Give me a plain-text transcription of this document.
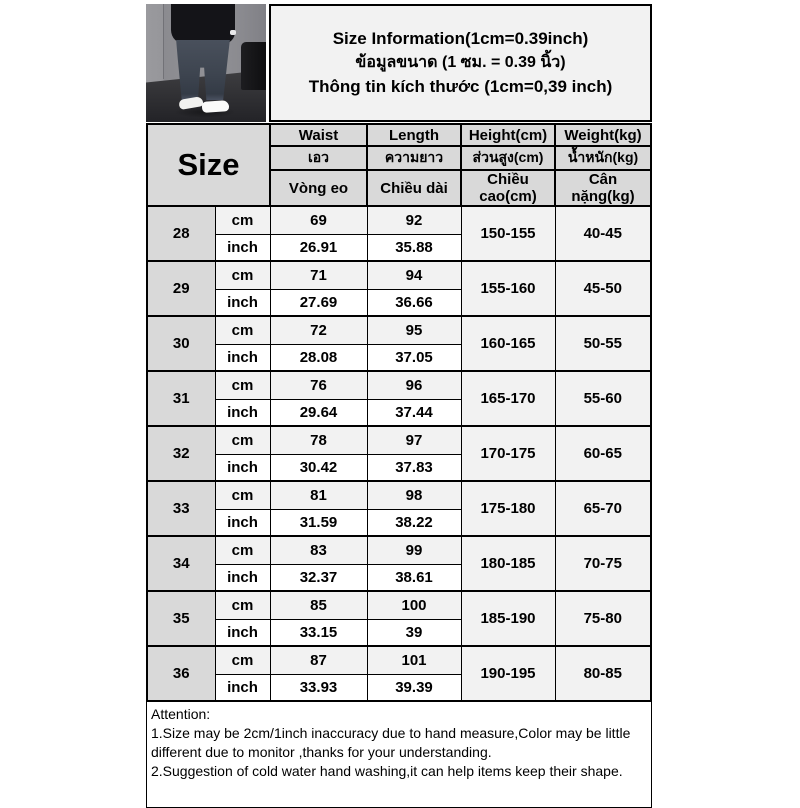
Size Information(1cm=0.39inch)
ข้อมูลขนาด (1 ซม. = 0.39 นิ้ว)
Thông tin kích thước (1cm=0,39 inch)
Size		Waist	Length	Height(cm)	Weight(kg)
		เอว	ความยาว	ส่วนสูง(cm)	น้ำหนัก(kg)
		Vòng eo	Chiều dài	Chiều cao(cm)	Cân nặng(kg)
28	cm	69	92	150-155	40-45
	inch	26.91	35.88		
29	cm	71	94	155-160	45-50
	inch	27.69	36.66		
30	cm	72	95	160-165	50-55
	inch	28.08	37.05		
31	cm	76	96	165-170	55-60
	inch	29.64	37.44		
32	cm	78	97	170-175	60-65
	inch	30.42	37.83		
33	cm	81	98	175-180	65-70
	inch	31.59	38.22		
34	cm	83	99	180-185	70-75
	inch	32.37	38.61		
35	cm	85	100	185-190	75-80
	inch	33.15	39		
36	cm	87	101	190-195	80-85
	inch	33.93	39.39		
Attention:
1.Size may be 2cm/1inch inaccuracy due to hand measure,Color may be little different due to monitor ,thanks for your understanding.
2.Suggestion of cold water hand washing,it can help items keep their shape.
